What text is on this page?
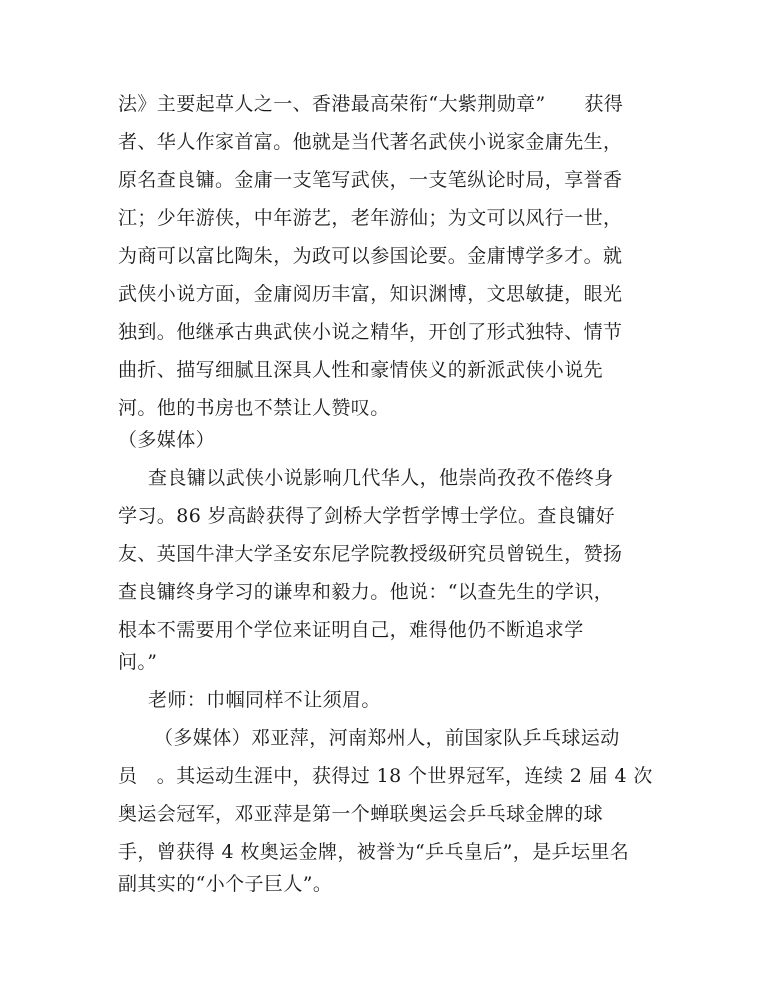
法》主要起草人之一、香港最高荣衔“大紫荆勋章”　　获得
者、华人作家首富。他就是当代著名武侠小说家金庸先生，
原名查良镛。金庸一支笔写武侠，一支笔纵论时局，享誉香
江；少年游侠，中年游艺，老年游仙；为文可以风行一世，
为商可以富比陶朱，为政可以参国论要。金庸博学多才。就
武侠小说方面，金庸阅历丰富，知识渊博，文思敏捷，眼光
独到。他继承古典武侠小说之精华，开创了形式独特、情节
曲折、描写细腻且深具人性和豪情侠义的新派武侠小说先
河。他的书房也不禁让人赞叹。
（多媒体）
查良镛以武侠小说影响几代华人，他崇尚孜孜不倦终身
学习。86 岁高龄获得了剑桥大学哲学博士学位。查良镛好
友、英国牛津大学圣安东尼学院教授级研究员曾锐生，赞扬
查良镛终身学习的谦卑和毅力。他说：“以查先生的学识，
根本不需要用个学位来证明自己，难得他仍不断追求学
问。”
老师：巾帼同样不让须眉。
（多媒体）邓亚萍，河南郑州人，前国家队乒乓球运动
员　。其运动生涯中，获得过 18 个世界冠军，连续 2 届 4 次
奥运会冠军，邓亚萍是第一个蝉联奥运会乒乓球金牌的球
手，曾获得 4 枚奥运金牌，被誉为“乒乓皇后”，是乒坛里名
副其实的“小个子巨人”。
